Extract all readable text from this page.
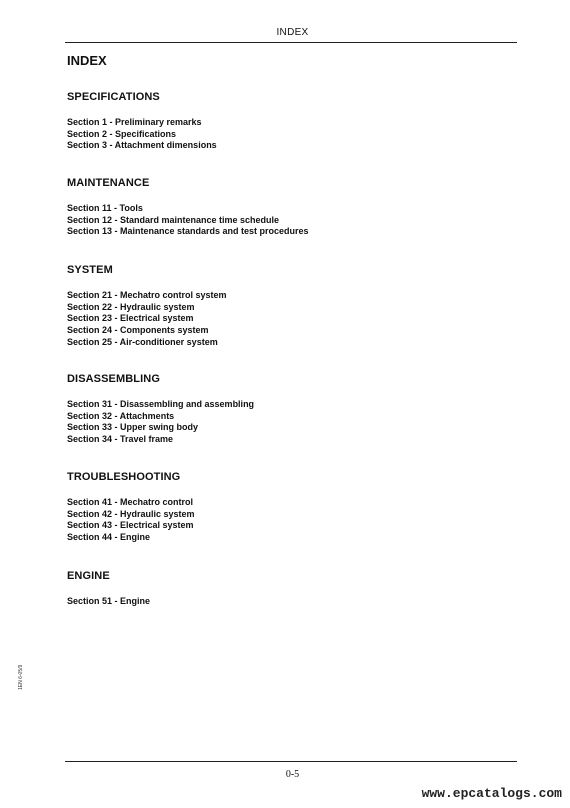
INDEX
INDEX
SPECIFICATIONS
Section 1 - Preliminary remarks
Section 2 - Specifications
Section 3 - Attachment dimensions
MAINTENANCE
Section 11 - Tools
Section 12 - Standard maintenance time schedule
Section 13 - Maintenance standards and test procedures
SYSTEM
Section 21 - Mechatro control system
Section 22 - Hydraulic system
Section 23 - Electrical system
Section 24 - Components system
Section 25 - Air-conditioner system
DISASSEMBLING
Section 31 - Disassembling and assembling
Section 32 - Attachments
Section 33 - Upper swing body
Section 34 - Travel frame
TROUBLESHOOTING
Section 41 - Mechatro control
Section 42 - Hydraulic system
Section 43 - Electrical system
Section 44 - Engine
ENGINE
Section 51 - Engine
1EN 6-05/9
0-5
www.epcatalogs.com
